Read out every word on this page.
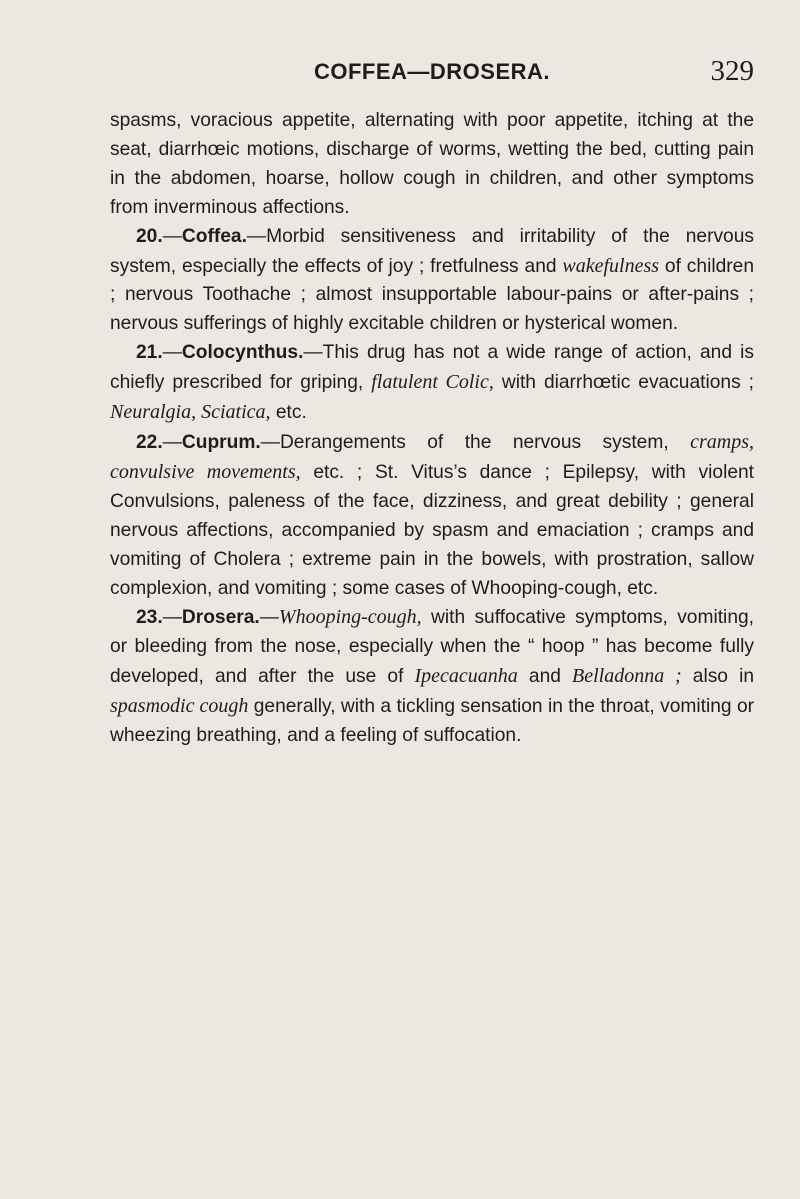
COFFEA—DROSERA.	329

spasms, voracious appetite, alternating with poor appetite, itching at the seat, diarrhœic motions, discharge of worms, wetting the bed, cutting pain in the abdomen, hoarse, hollow cough in children, and other symptoms from inverminous affections.

20.—Coffea.—Morbid sensitiveness and irritability of the nervous system, especially the effects of joy ; fretfulness and wakefulness of children ; nervous Toothache ; almost insupportable labour-pains or after-pains ; nervous sufferings of highly excitable children or hysterical women.

21.—Colocynthus.—This drug has not a wide range of action, and is chiefly prescribed for griping, flatulent Colic, with diarrhœtic evacuations ; Neuralgia, Sciatica, etc.

22.—Cuprum.—Derangements of the nervous system, cramps, convulsive movements, etc. ; St. Vitus’s dance ; Epilepsy, with violent Convulsions, paleness of the face, dizziness, and great debility ; general nervous affections, accompanied by spasm and emaciation ; cramps and vomiting of Cholera ; extreme pain in the bowels, with prostration, sallow complexion, and vomiting ; some cases of Whooping-cough, etc.

23.—Drosera.—Whooping-cough, with suffocative symptoms, vomiting, or bleeding from the nose, especially when the “ hoop ” has become fully developed, and after the use of Ipecacuanha and Belladonna ; also in spasmodic cough generally, with a tickling sensation in the throat, vomiting or wheezing breathing, and a feeling of suffocation.
